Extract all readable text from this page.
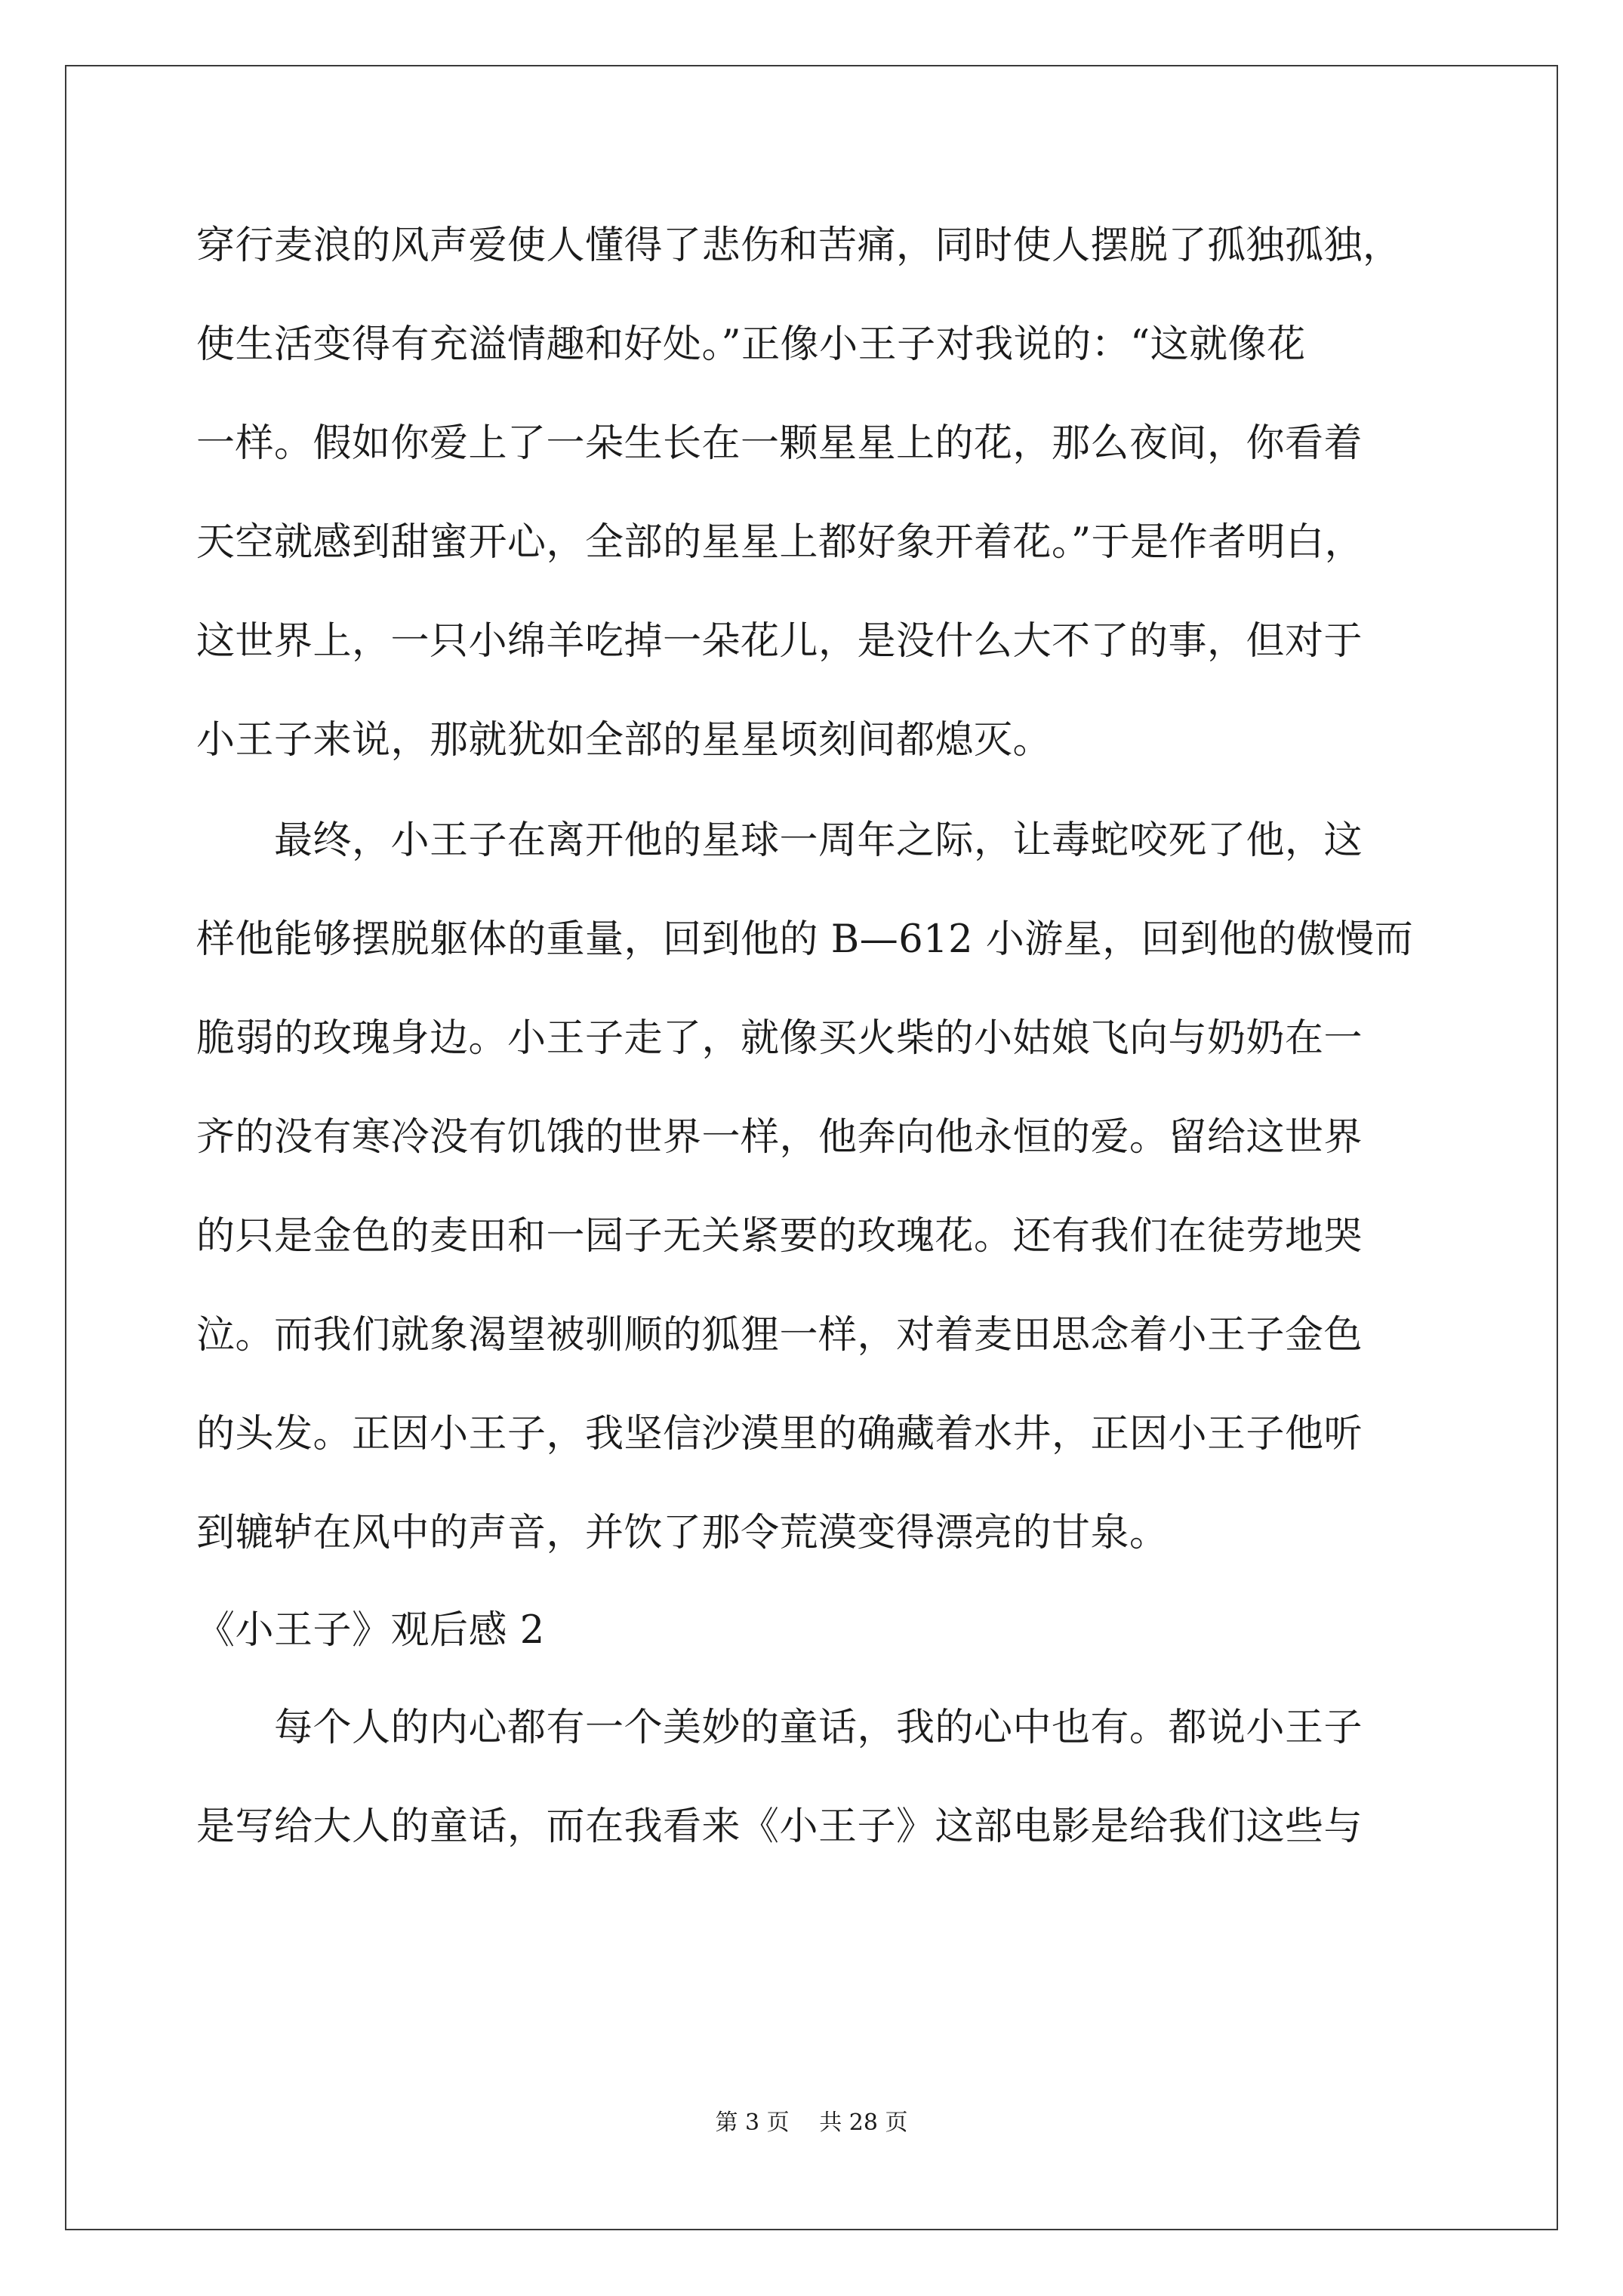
穿行麦浪的风声爱使人懂得了悲伤和苦痛，同时使人摆脱了孤独孤独，
使生活变得有充溢情趣和好处。”正像小王子对我说的：“这就像花
一样。假如你爱上了一朵生长在一颗星星上的花，那么夜间，你看着
天空就感到甜蜜开心，全部的星星上都好象开着花。”于是作者明白，
这世界上，一只小绵羊吃掉一朵花儿，是没什么大不了的事，但对于
小王子来说，那就犹如全部的星星顷刻间都熄灭。
　　最终，小王子在离开他的星球一周年之际，让毒蛇咬死了他，这
样他能够摆脱躯体的重量，回到他的 B—612 小游星，回到他的傲慢而
脆弱的玫瑰身边。小王子走了，就像买火柴的小姑娘飞向与奶奶在一
齐的没有寒冷没有饥饿的世界一样，他奔向他永恒的爱。留给这世界
的只是金色的麦田和一园子无关紧要的玫瑰花。还有我们在徒劳地哭
泣。而我们就象渴望被驯顺的狐狸一样，对着麦田思念着小王子金色
的头发。正因小王子，我坚信沙漠里的确藏着水井，正因小王子他听
到辘轳在风中的声音，并饮了那令荒漠变得漂亮的甘泉。
《小王子》观后感 2
　　每个人的内心都有一个美妙的童话，我的心中也有。都说小王子
是写给大人的童话，而在我看来《小王子》这部电影是给我们这些与
第 3 页　 共 28 页
